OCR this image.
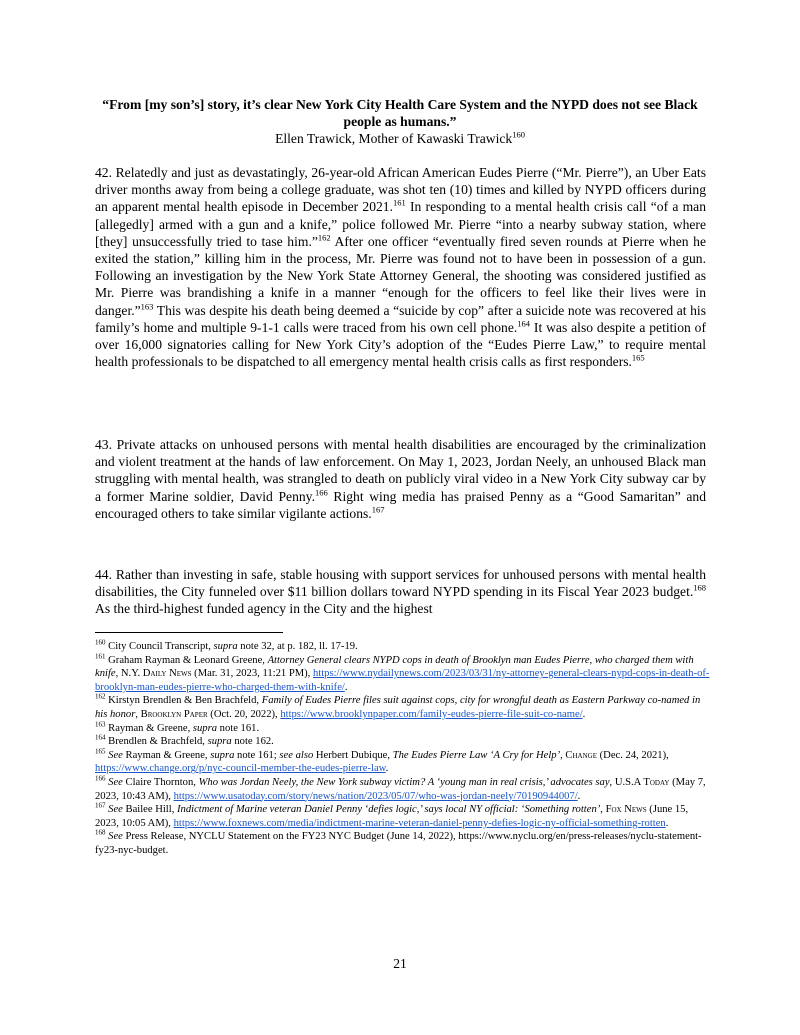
“From [my son’s] story, it’s clear New York City Health Care System and the NYPD does not see Black people as humans.”
Ellen Trawick, Mother of Kawaski Trawick$^{160}$
42. Relatedly and just as devastatingly, 26-year-old African American Eudes Pierre (“Mr. Pierre”), an Uber Eats driver months away from being a college graduate, was shot ten (10) times and killed by NYPD officers during an apparent mental health episode in December 2021.$^{161}$ In responding to a mental health crisis call “of a man [allegedly] armed with a gun and a knife,” police followed Mr. Pierre “into a nearby subway station, where [they] unsuccessfully tried to tase him.”$^{162}$ After one officer “eventually fired seven rounds at Pierre when he exited the station,” killing him in the process, Mr. Pierre was found not to have been in possession of a gun. Following an investigation by the New York State Attorney General, the shooting was considered justified as Mr. Pierre was brandishing a knife in a manner “enough for the officers to feel like their lives were in danger.”$^{163}$ This was despite his death being deemed a “suicide by cop” after a suicide note was recovered at his family’s home and multiple 9-1-1 calls were traced from his own cell phone.$^{164}$ It was also despite a petition of over 16,000 signatories calling for New York City’s adoption of the “Eudes Pierre Law,” to require mental health professionals to be dispatched to all emergency mental health crisis calls as first responders.$^{165}$
43. Private attacks on unhoused persons with mental health disabilities are encouraged by the criminalization and violent treatment at the hands of law enforcement. On May 1, 2023, Jordan Neely, an unhoused Black man struggling with mental health, was strangled to death on publicly viral video in a New York City subway car by a former Marine soldier, David Penny.$^{166}$ Right wing media has praised Penny as a “Good Samaritan” and encouraged others to take similar vigilante actions.$^{167}$
44. Rather than investing in safe, stable housing with support services for unhoused persons with mental health disabilities, the City funneled over $11 billion dollars toward NYPD spending in its Fiscal Year 2023 budget.$^{168}$ As the third-highest funded agency in the City and the highest
$^{160}$ City Council Transcript, supra note 32, at p. 182, ll. 17-19.
$^{161}$ Graham Rayman & Leonard Greene, Attorney General clears NYPD cops in death of Brooklyn man Eudes Pierre, who charged them with knife, N.Y. Daily News (Mar. 31, 2023, 11:21 PM), https://www.nydailynews.com/2023/03/31/ny-attorney-general-clears-nypd-cops-in-death-of-brooklyn-man-eudes-pierre-who-charged-them-with-knife/.
$^{162}$ Kirstyn Brendlen & Ben Brachfeld, Family of Eudes Pierre files suit against cops, city for wrongful death as Eastern Parkway co-named in his honor, Brooklyn Paper (Oct. 20, 2022), https://www.brooklynpaper.com/family-eudes-pierre-file-suit-co-name/.
$^{163}$ Rayman & Greene, supra note 161.
$^{164}$ Brendlen & Brachfeld, supra note 162.
$^{165}$ See Rayman & Greene, supra note 161; see also Herbert Dubique, The Eudes Pierre Law ‘A Cry for Help’, Change (Dec. 24, 2021), https://www.change.org/p/nyc-council-member-the-eudes-pierre-law.
$^{166}$ See Claire Thornton, Who was Jordan Neely, the New York subway victim? A ‘young man in real crisis,’ advocates say, U.S.A Today (May 7, 2023, 10:43 AM), https://www.usatoday.com/story/news/nation/2023/05/07/who-was-jordan-neely/70190944007/.
$^{167}$ See Bailee Hill, Indictment of Marine veteran Daniel Penny ‘defies logic,’ says local NY official: ‘Something rotten’, Fox News (June 15, 2023, 10:05 AM), https://www.foxnews.com/media/indictment-marine-veteran-daniel-penny-defies-logic-ny-official-something-rotten.
$^{168}$ See Press Release, NYCLU Statement on the FY23 NYC Budget (June 14, 2022), https://www.nyclu.org/en/press-releases/nyclu-statement-fy23-nyc-budget.
21
